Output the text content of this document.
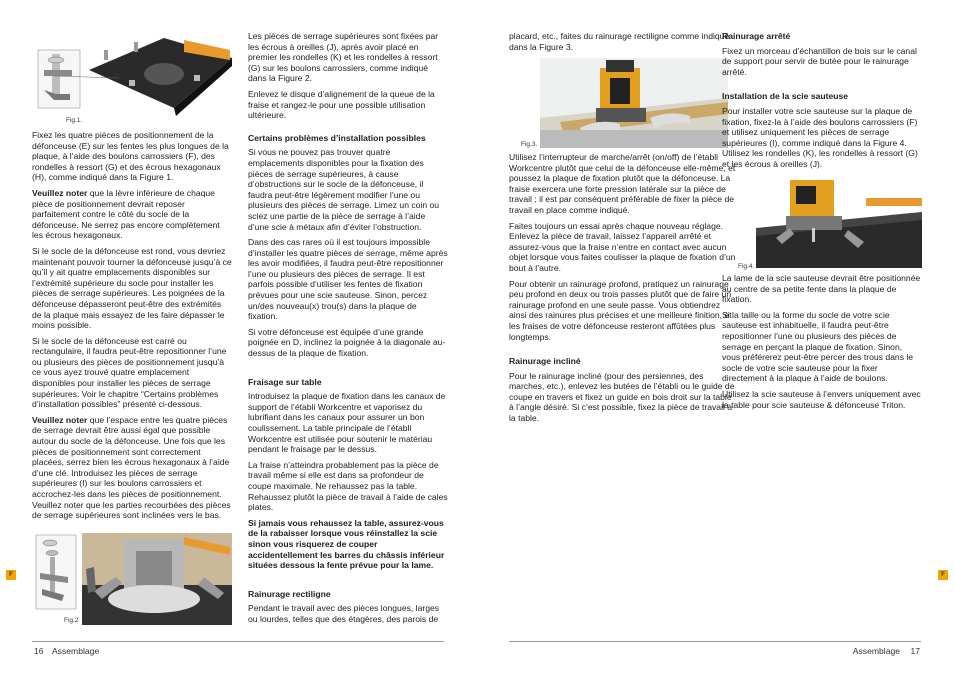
Fig.1.

Fixez les quatre pièces de positionnement de la défonceuse (E) sur les fentes les plus longues de la plaque, à l’aide des boulons carrossiers (F), des rondelles à ressort (G) et des écrous hexagonaux (H), comme indiqué dans la Figure 1.

Veuillez noter que la lèvre inférieure de chaque pièce de positionnement devrait reposer parfaitement contre le côté du socle de la défonceuse. Ne serrez pas encore complètement les écrous hexagonaux.

Si le socle de la défonceuse est rond, vous devriez maintenant pouvoir tourner la défonceuse jusqu’à ce qu’il y ait quatre emplacements disponibles sur l’extrémité supérieure du socle pour installer les pièces de serrage supérieures. Les poignées de la défonceuse dépasseront peut-être des extrémités de la plaque mais essayez de les faire dépasser le moins possible.

Si le socle de la défonceuse est carré ou rectangulaire, il faudra peut-être repositionner l’une ou plusieurs des pièces de positionnement jusqu’à ce vous ayez trouvé quatre emplacement disponibles pour installer les pièces de serrage supérieures. Voir le chapitre “Certains problèmes d’installation possibles” présenté ci-dessous.

Veuillez noter que l’espace entre les quatre pièces de serrage devrait être aussi égal que possible autour du socle de la défonceuse. Une fois que les pièces de positionnement sont correctement placées, serrez bien les écrous hexagonaux à l’aide d’une clé. Introduisez les pièces de serrage supérieures (I) sur les boulons carrossiers et accrochez-les dans les pièces de positionnement. Veuillez noter que les parties recourbées des pièces de serrage supérieures sont inclinées vers le bas.

Fig.2
F

Les pièces de serrage supérieures sont fixées par les écrous à oreilles (J), après avoir placé en premier les rondelles (K) et les rondelles à ressort (G) sur les boulons carrossiers, comme indiqué dans la Figure 2.

Enlevez le disque d’alignement de la queue de la fraise et rangez-le pour une possible utilisation ultérieure.

Certains problèmes d’installation possibles

Si vous ne pouvez pas trouver quatre emplacements disponibles pour la fixation des pièces de serrage supérieures, à cause d’obstructions sur le socle de la défonceuse, il faudra peut-être légèrement modifier l’une ou plusieurs des pièces de serrage. Limez un coin ou sciez une partie de la pièce de serrage à l’aide d’une scie à métaux afin d’éviter l’obstruction.

Dans des cas rares où il est toujours impossible d’installer les quatre pièces de serrage, même après les avoir modifiées, il faudra peut-être repositionner l’une ou plusieurs des pièces de serrage. Il est parfois possible d’utiliser les fentes de fixation prévues pour une scie sauteuse. Sinon, percez un/des nouveau(x) trou(s) dans la plaque de fixation.

Si votre défonceuse est équipée d’une grande poignée en D, inclinez la poignée à la diagonale au-dessus de la plaque de fixation.

Fraisage sur table

Introduisez la plaque de fixation dans les canaux de support de l’établi Workcentre et vaporisez du lubrifiant dans les canaux pour assurer un bon coulissement. La table principale de l’établi Workcentre est utilisée pour soutenir le matériau pendant le fraisage par le dessus.

La fraise n’atteindra probablement pas la pièce de travail même si elle est dans sa profondeur de coupe maximale. Ne rehaussez pas la table. Rehaussez plutôt la pièce de travail à l’aide de cales plates.

Si jamais vous rehaussez la table, assurez-vous de la rabaisser lorsque vous réinstallez la scie sinon vous risquerez de couper accidentellement les barres du châssis inférieur situées dessous la fente prévue pour la lame.

Rainurage rectiligne

Pendant le travail avec des pièces longues, larges ou lourdes, telles que des étagères, des parois de

placard, etc., faites du rainurage rectiligne comme indiqué dans la Figure 3.

Fig.3.

Utilisez l’interrupteur de marche/arrêt (on/off) de l’établi Workcentre plutôt que celui de la défonceuse elle-même, et poussez la plaque de fixation plutôt que la défonceuse. La fraise exercera une forte pression latérale sur la pièce de travail ; il est par conséquent préférable de fixer la pièce de travail en place comme indiqué.

Faites toujours un essai après chaque nouveau réglage. Enlevez la pièce de travail, laissez l’appareil arrêté et assurez-vous que la fraise n’entre en contact avec aucun objet lorsque vous faites coulisser la plaque de fixation d’un bout à l’autre.

Pour obtenir un rainurage profond, pratiquez un rainurage peu profond en deux ou trois passes plutôt que de faire un rainurage profond en une seule passe. Vous obtiendrez ainsi des rainures plus précises et une meilleure finition, et les fraises de votre défonceuse resteront affûtées plus longtemps.

Rainurage incliné

Pour le rainurage incliné (pour des persiennes, des marches, etc.), enlevez les butées de l’établi ou le guide de coupe en travers et fixez un guide en bois droit sur la table à l’angle désiré. Si c’est possible, fixez la pièce de travail à la table.

Rainurage arrêté

Fixez un morceau d’échantillon de bois sur le canal de support pour servir de butée pour le rainurage arrêté.

Installation de la scie sauteuse

Pour installer votre scie sauteuse sur la plaque de fixation, fixez-la à l’aide des boulons carrossiers (F) et utilisez uniquement les pièces de serrage supérieures (I), comme indiqué dans la Figure 4. Utilisez les rondelles (K), les rondelles à ressort (G) et les écrous à oreilles (J).

Fig.4.

La lame de la scie sauteuse devrait être positionnée au centre de sa petite fente dans la plaque de fixation.

Si la taille ou la forme du socle de votre scie sauteuse est inhabituelle, il faudra peut-être repositionner l’une ou plusieurs des pièces de serrage en perçant la plaque de fixation. Sinon, vous préférerez peut-être percer des trous dans le socle de votre scie sauteuse pour la fixer directement à la plaque à l’aide de boulons.

Utilisez la scie sauteuse à l’envers uniquement avec la table pour scie sauteuse & défonceuse Triton.

F
16 Assemblage	Assemblage 17
